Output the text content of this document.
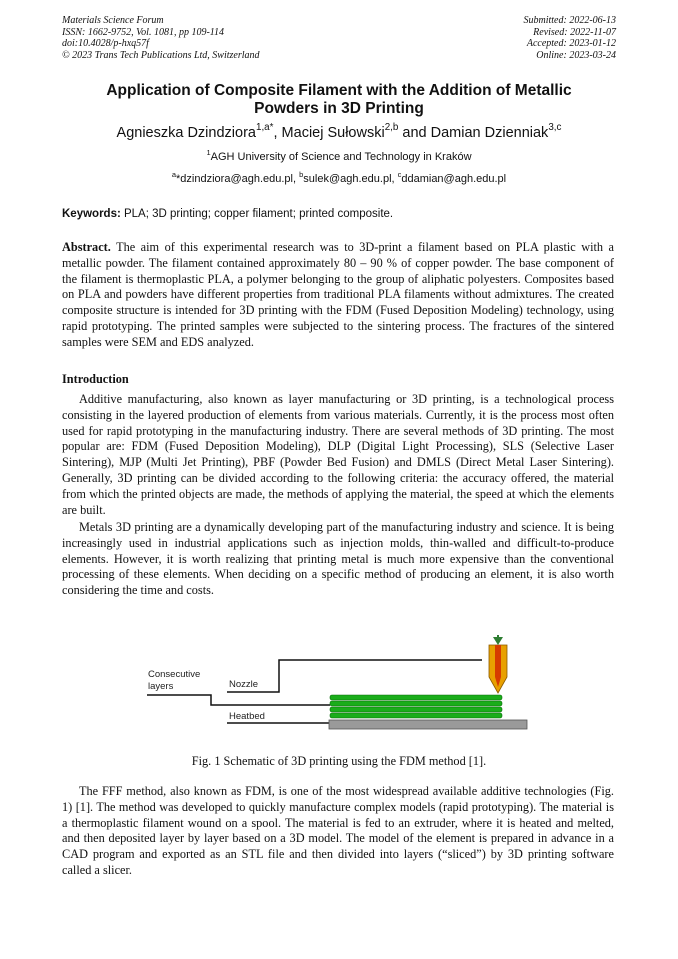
Materials Science Forum
ISSN: 1662-9752, Vol. 1081, pp 109-114
doi:10.4028/p-hxq57f
© 2023 Trans Tech Publications Ltd, Switzerland
Submitted: 2022-06-13
Revised: 2022-11-07
Accepted: 2023-01-12
Online: 2023-03-24
Application of Composite Filament with the Addition of Metallic
Powders in 3D Printing
Agnieszka Dzindziora$^{1,a*}$, Maciej Sułowski$^{2,b}$ and Damian Dzienniak$^{3,c}$
$^1$AGH University of Science and Technology in Kraków
$^a$*dzindziora@agh.edu.pl, $^b$sulek@agh.edu.pl, $^c$ddamian@agh.edu.pl
Keywords: PLA; 3D printing; copper filament; printed composite.
Abstract. The aim of this experimental research was to 3D-print a filament based on PLA plastic with a metallic powder. The filament contained approximately 80 – 90 % of copper powder. The base component of the filament is thermoplastic PLA, a polymer belonging to the group of aliphatic polyesters. Composites based on PLA and powders have different properties from traditional PLA filaments without admixtures. The created composite structure is intended for 3D printing with the FDM (Fused Deposition Modeling) technology, using rapid prototyping. The printed samples were subjected to the sintering process. The fractures of the sintered samples were SEM and EDS analyzed.
Introduction
Additive manufacturing, also known as layer manufacturing or 3D printing, is a technological process consisting in the layered production of elements from various materials. Currently, it is the process most often used for rapid prototyping in the manufacturing industry. There are several methods of 3D printing. The most popular are: FDM (Fused Deposition Modeling), DLP (Digital Light Processing), SLS (Selective Laser Sintering), MJP (Multi Jet Printing), PBF (Powder Bed Fusion) and DMLS (Direct Metal Laser Sintering). Generally, 3D printing can be divided according to the following criteria: the accuracy offered, the material from which the printed objects are made, the methods of applying the material, the speed at which the elements are built.
Metals 3D printing are a dynamically developing part of the manufacturing industry and science. It is being increasingly used in industrial applications such as injection molds, thin-walled and difficult-to-produce elements. However, it is worth realizing that printing metal is much more expensive than the conventional processing of these elements. When deciding on a specific method of producing an element, it is also worth considering the time and costs.
Consecutive
layers	Nozzle
Heatbed
Fig. 1 Schematic of 3D printing using the FDM method [1].
The FFF method, also known as FDM, is one of the most widespread available additive technologies (Fig. 1) [1]. The method was developed to quickly manufacture complex models (rapid prototyping). The material is a thermoplastic filament wound on a spool. The material is fed to an extruder, where it is heated and melted, and then deposited layer by layer based on a 3D model. The model of the element is prepared in advance in a CAD program and exported as an STL file and then divided into layers (“sliced”) by 3D printing software called a slicer.
